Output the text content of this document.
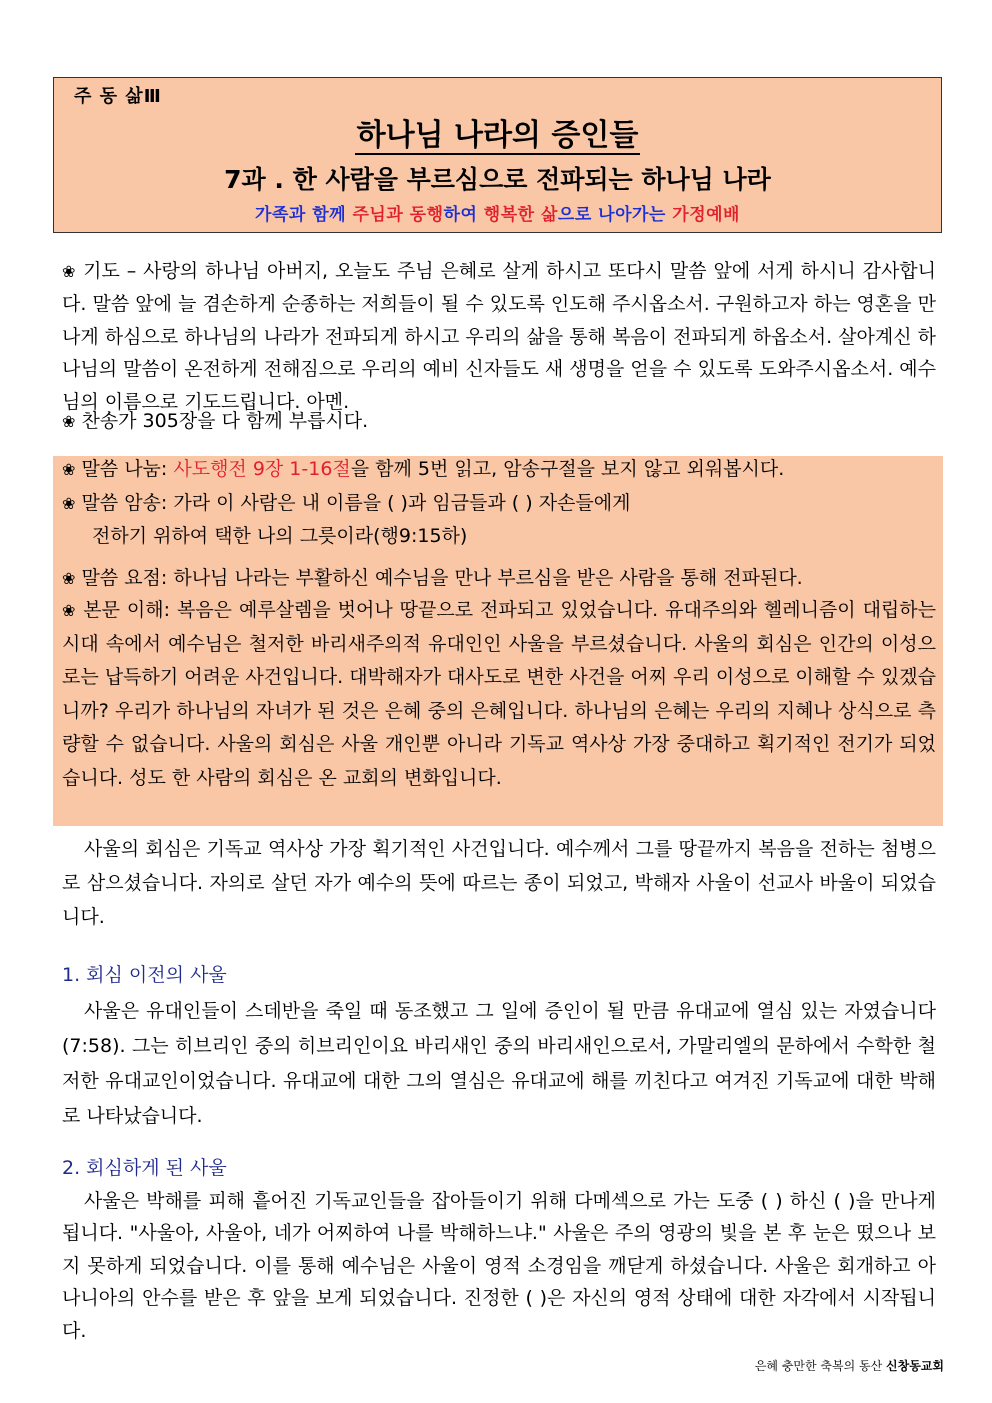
주 동 삶Ⅲ
하나님 나라의 증인들
7과 . 한 사람을 부르심으로 전파되는 하나님 나라
가족과 함께 주님과 동행하여 행복한 삶으로 나아가는 가정예배
❀ 기도 – 사랑의 하나님 아버지, 오늘도 주님 은혜로 살게 하시고 또다시 말씀 앞에 서게 하시니 감사합니다. 말씀 앞에 늘 겸손하게 순종하는 저희들이 될 수 있도록 인도해 주시옵소서. 구원하고자 하는 영혼을 만나게 하심으로 하나님의 나라가 전파되게 하시고 우리의 삶을 통해 복음이 전파되게 하옵소서. 살아계신 하나님의 말씀이 온전하게 전해짐으로 우리의 예비 신자들도 새 생명을 얻을 수 있도록 도와주시옵소서. 예수님의 이름으로 기도드립니다. 아멘.
❀ 찬송가 305장을 다 함께 부릅시다.
❀ 말씀 나눔: 사도행전 9장 1-16절을 함께 5번 읽고, 암송구절을 보지 않고 외워봅시다.
❀ 말씀 암송: 가라 이 사람은 내 이름을 ( )과 임금들과 ( ) 자손들에게
전하기 위하여 택한 나의 그릇이라(행9:15하)
❀ 말씀 요점: 하나님 나라는 부활하신 예수님을 만나 부르심을 받은 사람을 통해 전파된다.
❀ 본문 이해: 복음은 예루살렘을 벗어나 땅끝으로 전파되고 있었습니다. 유대주의와 헬레니즘이 대립하는 시대 속에서 예수님은 철저한 바리새주의적 유대인인 사울을 부르셨습니다. 사울의 회심은 인간의 이성으로는 납득하기 어려운 사건입니다. 대박해자가 대사도로 변한 사건을 어찌 우리 이성으로 이해할 수 있겠습니까? 우리가 하나님의 자녀가 된 것은 은혜 중의 은혜입니다. 하나님의 은혜는 우리의 지혜나 상식으로 측량할 수 없습니다. 사울의 회심은 사울 개인뿐 아니라 기독교 역사상 가장 중대하고 획기적인 전기가 되었습니다. 성도 한 사람의 회심은 온 교회의 변화입니다.
사울의 회심은 기독교 역사상 가장 획기적인 사건입니다. 예수께서 그를 땅끝까지 복음을 전하는 첨병으로 삼으셨습니다. 자의로 살던 자가 예수의 뜻에 따르는 종이 되었고, 박해자 사울이 선교사 바울이 되었습니다.
1. 회심 이전의 사울
사울은 유대인들이 스데반을 죽일 때 동조했고 그 일에 증인이 될 만큼 유대교에 열심 있는 자였습니다(7:58). 그는 히브리인 중의 히브리인이요 바리새인 중의 바리새인으로서, 가말리엘의 문하에서 수학한 철저한 유대교인이었습니다. 유대교에 대한 그의 열심은 유대교에 해를 끼친다고 여겨진 기독교에 대한 박해로 나타났습니다.
2. 회심하게 된 사울
사울은 박해를 피해 흩어진 기독교인들을 잡아들이기 위해 다메섹으로 가는 도중 ( ) 하신 ( )을 만나게 됩니다. "사울아, 사울아, 네가 어찌하여 나를 박해하느냐." 사울은 주의 영광의 빛을 본 후 눈은 떴으나 보지 못하게 되었습니다. 이를 통해 예수님은 사울이 영적 소경임을 깨닫게 하셨습니다. 사울은 회개하고 아나니아의 안수를 받은 후 앞을 보게 되었습니다. 진정한 ( )은 자신의 영적 상태에 대한 자각에서 시작됩니다.
은혜 충만한 축복의 동산 신창동교회
